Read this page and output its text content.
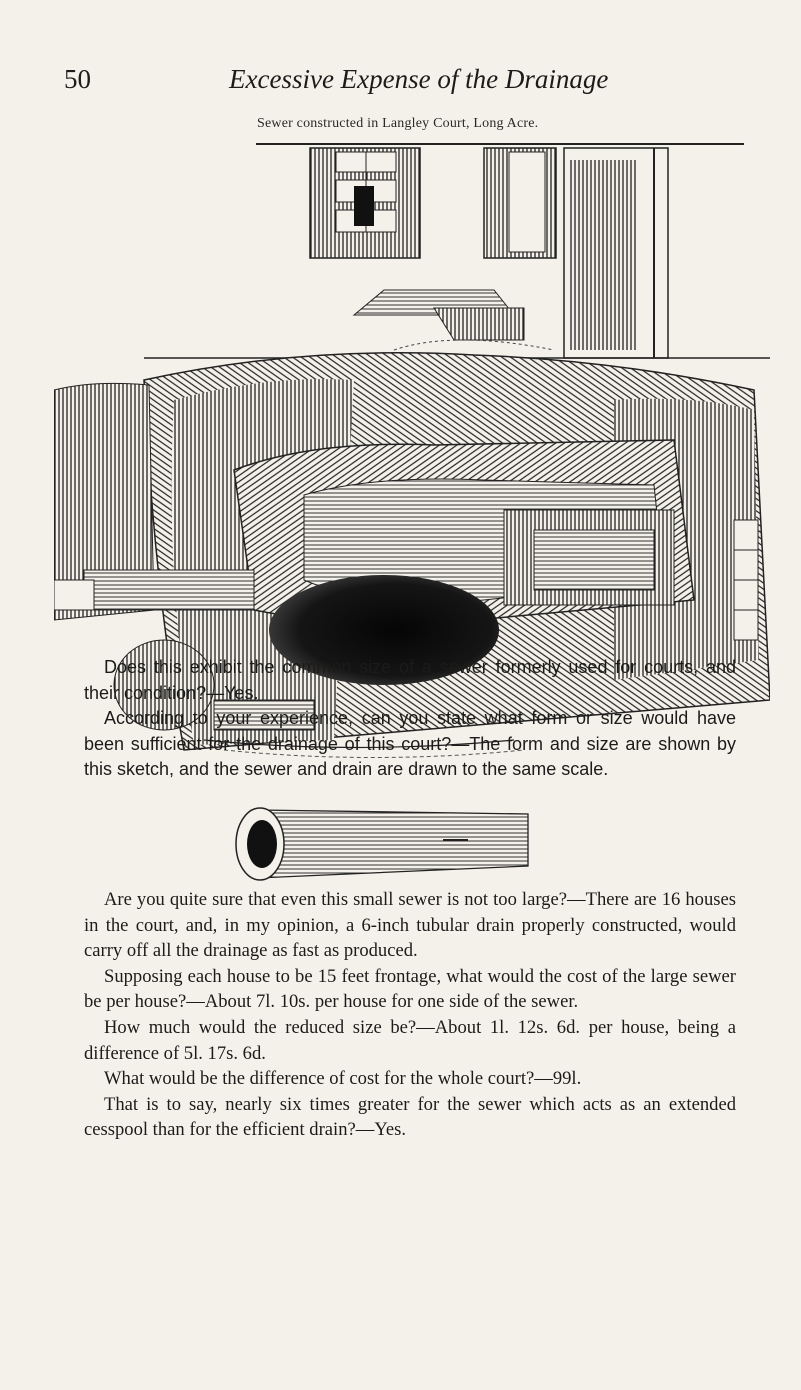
50	Excessive Expense of the Drainage
Sewer constructed in Langley Court, Long Acre.

Does this exhibit the common size of a sewer formerly used for courts, and their condition?—Yes.

According to your experience, can you state what form or size would have been sufficient for the drainage of this court?—The form and size are shown by this sketch, and the sewer and drain are drawn to the same scale.

Are you quite sure that even this small sewer is not too large?—There are 16 houses in the court, and, in my opinion, a 6-inch tubular drain properly constructed, would carry off all the drainage as fast as produced.

Supposing each house to be 15 feet frontage, what would the cost of the large sewer be per house?—About 7l. 10s. per house for one side of the sewer.

How much would the reduced size be?—About 1l. 12s. 6d. per house, being a difference of 5l. 17s. 6d.

What would be the difference of cost for the whole court?—99l.

That is to say, nearly six times greater for the sewer which acts as an extended cesspool than for the efficient drain?—Yes.
